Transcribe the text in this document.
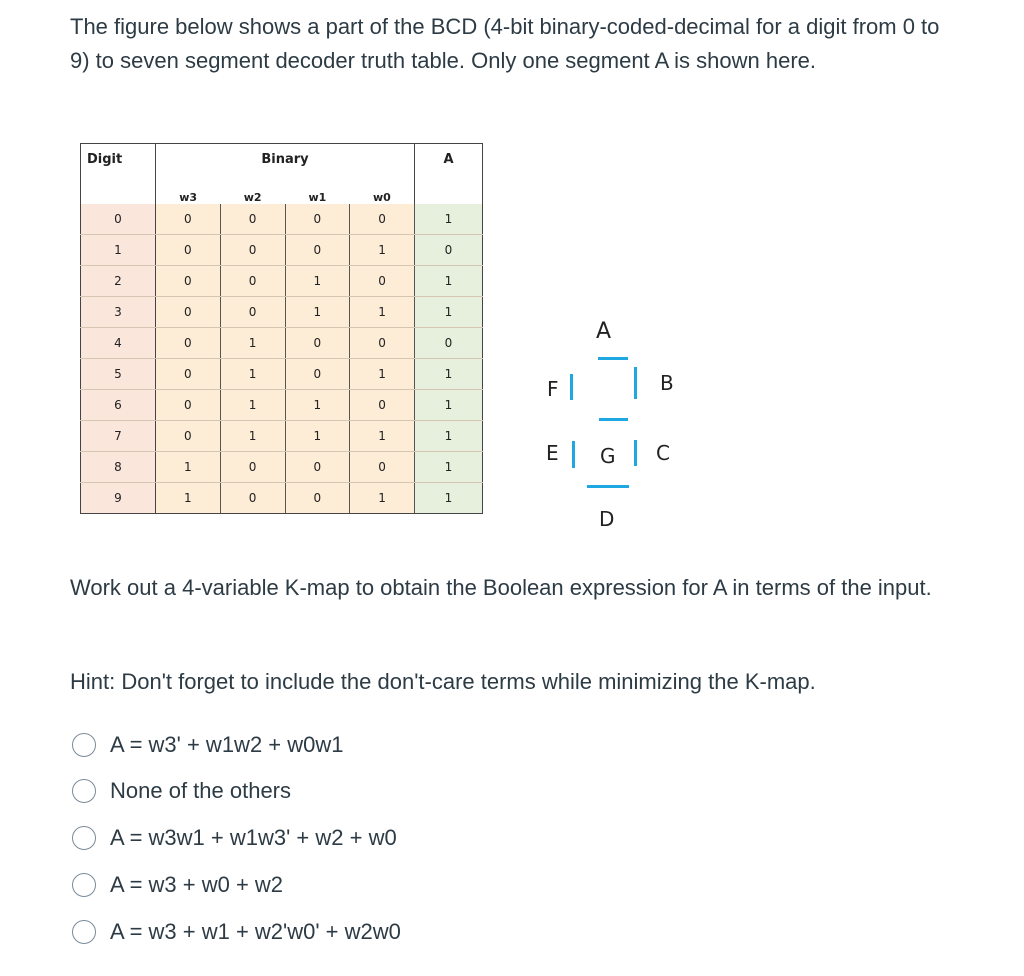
The figure below shows a part of the BCD (4-bit binary-coded-decimal for a digit from 0 to 9) to seven segment decoder truth table. Only one segment A is shown here.

Digit	Binary				A
	w3	w2	w1	w0	
0	0	0	0	0	1
1	0	0	0	1	0
2	0	0	1	0	1
3	0	0	1	1	1
4	0	1	0	0	0
5	0	1	0	1	1
6	0	1	1	0	1
7	0	1	1	1	1
8	1	0	0	0	1
9	1	0	0	1	1
A
F	B
E G C
D

Work out a 4-variable K-map to obtain the Boolean expression for A in terms of the input.

Hint: Don't forget to include the don't-care terms while minimizing the K-map.

A = w3' + w1w2 + w0w1
None of the others
A = w3w1 + w1w3' + w2 + w0
A = w3 + w0 + w2
A = w3 + w1 + w2'w0' + w2w0
